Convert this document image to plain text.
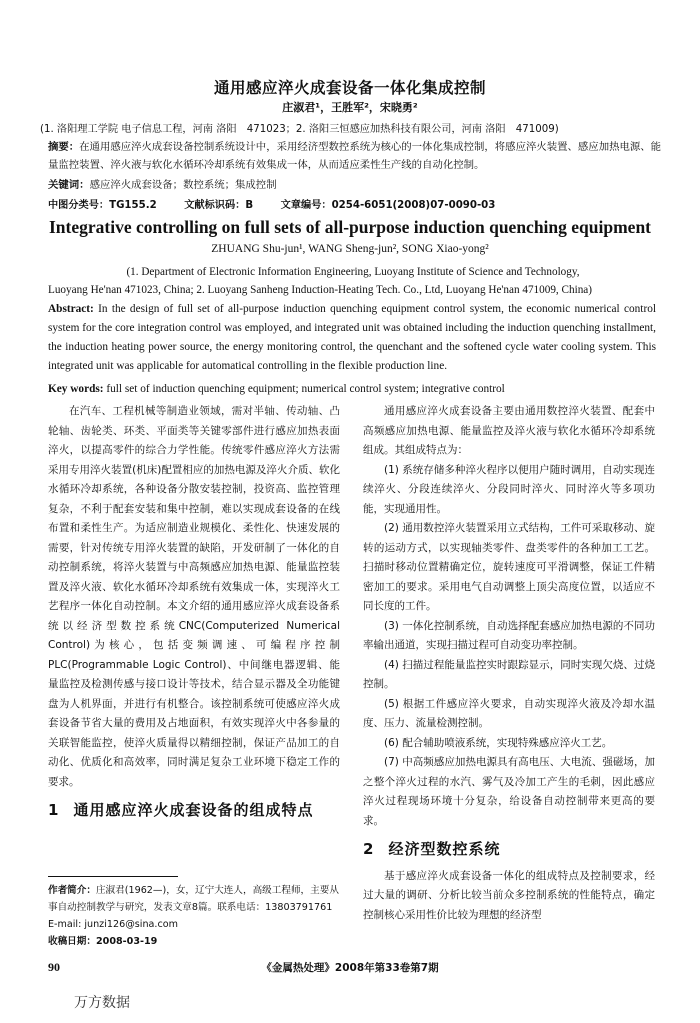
通用感应淬火成套设备一体化集成控制
庄淑君¹，王胜军²，宋晓勇²
(1. 洛阳理工学院 电子信息工程，河南 洛阳　471023；2. 洛阳三恒感应加热科技有限公司，河南 洛阳　471009)
摘要：在通用感应淬火成套设备控制系统设计中，采用经济型数控系统为核心的一体化集成控制，将感应淬火装置、感应加热电源、能量监控装置、淬火液与软化水循环冷却系统有效集成一体，从而适应柔性生产线的自动化控制。
关键词：感应淬火成套设备；数控系统；集成控制
中图分类号：TG155.2	文献标识码：B	文章编号：0254-6051(2008)07-0090-03
Integrative controlling on full sets of all-purpose induction quenching equipment
ZHUANG Shu-jun¹, WANG Sheng-jun², SONG Xiao-yong²
(1. Department of Electronic Information Engineering, Luoyang Institute of Science and Technology,
Luoyang He'nan 471023, China; 2. Luoyang Sanheng Induction-Heating Tech. Co., Ltd, Luoyang He'nan 471009, China)
Abstract: In the design of full set of all-purpose induction quenching equipment control system, the economic numerical control system for the core integration control was employed, and integrated unit was obtained including the induction quenching installment, the induction heating power source, the energy monitoring control, the quenchant and the softened cycle water cooling system. This integrated unit was applicable for automatical controlling in the flexible production line.
Key words: full set of induction quenching equipment; numerical control system; integrative control

在汽车、工程机械等制造业领域，需对半轴、传动轴、凸轮轴、齿轮类、环类、平面类等关键零部件进行感应加热表面淬火，以提高零件的综合力学性能。传统零件感应淬火方法需采用专用淬火装置(机床)配置相应的加热电源及淬火介质、软化水循环冷却系统，各种设备分散安装控制，投资高、监控管理复杂，不利于配套安装和集中控制，难以实现成套设备的在线布置和柔性生产。为适应制造业规模化、柔性化、快速发展的需要，针对传统专用淬火装置的缺陷，开发研制了一体化的自动控制系统，将淬火装置与中高频感应加热电源、能量监控装置及淬火液、软化水循环冷却系统有效集成一体，实现淬火工艺程序一体化自动控制。本文介绍的通用感应淬火成套设备系统以经济型数控系统CNC(Computerized Numerical Control)为核心，包括变频调速、可编程序控制PLC(Programmable Logic Control)、中间继电器逻辑、能量监控及检测传感与接口设计等技术，结合显示器及全功能键盘为人机界面，并进行有机整合。该控制系统可使感应淬火成套设备节省大量的费用及占地面积，有效实现淬火中各参量的关联智能监控，使淬火质量得以精细控制，保证产品加工的自动化、优质化和高效率，同时满足复杂工业环境下稳定工作的要求。

1 通用感应淬火成套设备的组成特点
作者简介：庄淑君(1962—)，女，辽宁大连人，高级工程师，主要从事自动控制教学与研究，发表文章8篇。联系电话：13803791761　E-mail: junzi126@sina.com
收稿日期：2008-03-19

通用感应淬火成套设备主要由通用数控淬火装置、配套中高频感应加热电源、能量监控及淬火液与软化水循环冷却系统组成。其组成特点为：

(1) 系统存储多种淬火程序以便用户随时调用，自动实现连续淬火、分段连续淬火、分段同时淬火、同时淬火等多项功能，实现通用性。

(2) 通用数控淬火装置采用立式结构，工件可采取移动、旋转的运动方式，以实现轴类零件、盘类零件的各种加工工艺。扫描时移动位置精确定位，旋转速度可平滑调整，保证工件精密加工的要求。采用电气自动调整上顶尖高度位置，以适应不同长度的工件。

(3) 一体化控制系统，自动选择配套感应加热电源的不同功率输出通道，实现扫描过程可自动变功率控制。

(4) 扫描过程能量监控实时跟踪显示，同时实现欠烧、过烧控制。

(5) 根据工件感应淬火要求，自动实现淬火液及冷却水温度、压力、流量检测控制。

(6) 配合辅助喷液系统，实现特殊感应淬火工艺。

(7) 中高频感应加热电源具有高电压、大电流、强磁场，加之整个淬火过程的水汽、雾气及冷加工产生的毛刺，因此感应淬火过程现场环境十分复杂，给设备自动控制带来更高的要求。

2 经济型数控系统

基于感应淬火成套设备一体化的组成特点及控制要求，经过大量的调研、分析比较当前众多控制系统的性能特点，确定控制核心采用性价比较为理想的经济型

90	《金属热处理》2008年第33卷第7期
万方数据
